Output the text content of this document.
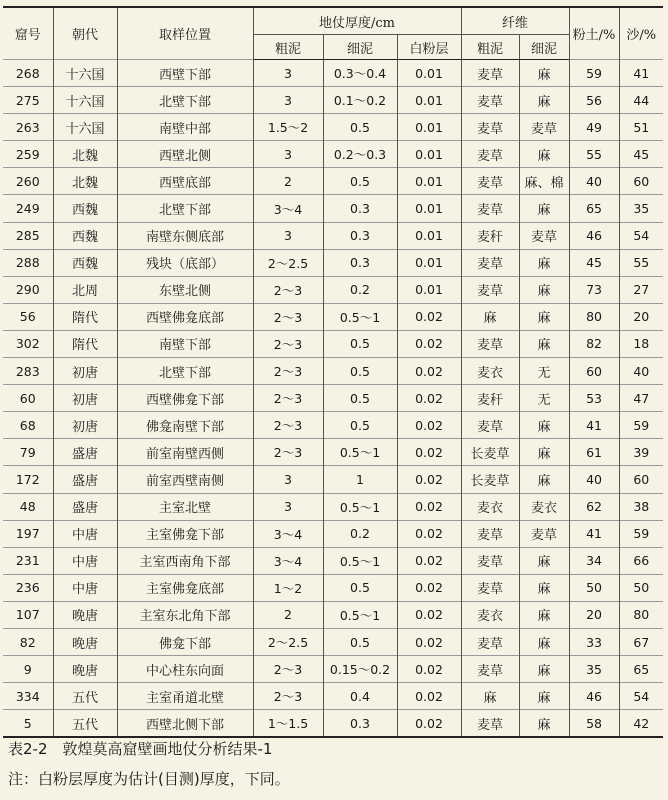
窟号	朝代	取样位置	地仗厚度/cm			纤维		粉土/%	沙/%
			粗泥	细泥	白粉层	粗泥	细泥		
268	十六国	西壁下部	3	0.3～0.4	0.01	麦草	麻	59	41
275	十六国	北壁下部	3	0.1～0.2	0.01	麦草	麻	56	44
263	十六国	南壁中部	1.5～2	0.5	0.01	麦草	麦草	49	51
259	北魏	西壁北侧	3	0.2～0.3	0.01	麦草	麻	55	45
260	北魏	西壁底部	2	0.5	0.01	麦草	麻、棉	40	60
249	西魏	北壁下部	3～4	0.3	0.01	麦草	麻	65	35
285	西魏	南壁东侧底部	3	0.3	0.01	麦秆	麦草	46	54
288	西魏	残块（底部）	2～2.5	0.3	0.01	麦草	麻	45	55
290	北周	东壁北侧	2～3	0.2	0.01	麦草	麻	73	27
56	隋代	西壁佛龛底部	2～3	0.5～1	0.02	麻	麻	80	20
302	隋代	南壁下部	2～3	0.5	0.02	麦草	麻	82	18
283	初唐	北壁下部	2～3	0.5	0.02	麦衣	无	60	40
60	初唐	西壁佛龛下部	2～3	0.5	0.02	麦秆	无	53	47
68	初唐	佛龛南壁下部	2～3	0.5	0.02	麦草	麻	41	59
79	盛唐	前室南壁西侧	2～3	0.5～1	0.02	长麦草	麻	61	39
172	盛唐	前室西壁南侧	3	1	0.02	长麦草	麻	40	60
48	盛唐	主室北壁	3	0.5～1	0.02	麦衣	麦衣	62	38
197	中唐	主室佛龛下部	3～4	0.2	0.02	麦草	麦草	41	59
231	中唐	主室西南角下部	3～4	0.5～1	0.02	麦草	麻	34	66
236	中唐	主室佛龛底部	1～2	0.5	0.02	麦草	麻	50	50
107	晚唐	主室东北角下部	2	0.5～1	0.02	麦衣	麻	20	80
82	晚唐	佛龛下部	2～2.5	0.5	0.02	麦草	麻	33	67
9	晚唐	中心柱东向面	2～3	0.15～0.2	0.02	麦草	麻	35	65
334	五代	主室甬道北壁	2～3	0.4	0.02	麻	麻	46	54
5	五代	西壁北侧下部	1～1.5	0.3	0.02	麦草	麻	58	42
表2-2　敦煌莫高窟壁画地仗分析结果-1
注：白粉层厚度为估计(目测)厚度，下同。
